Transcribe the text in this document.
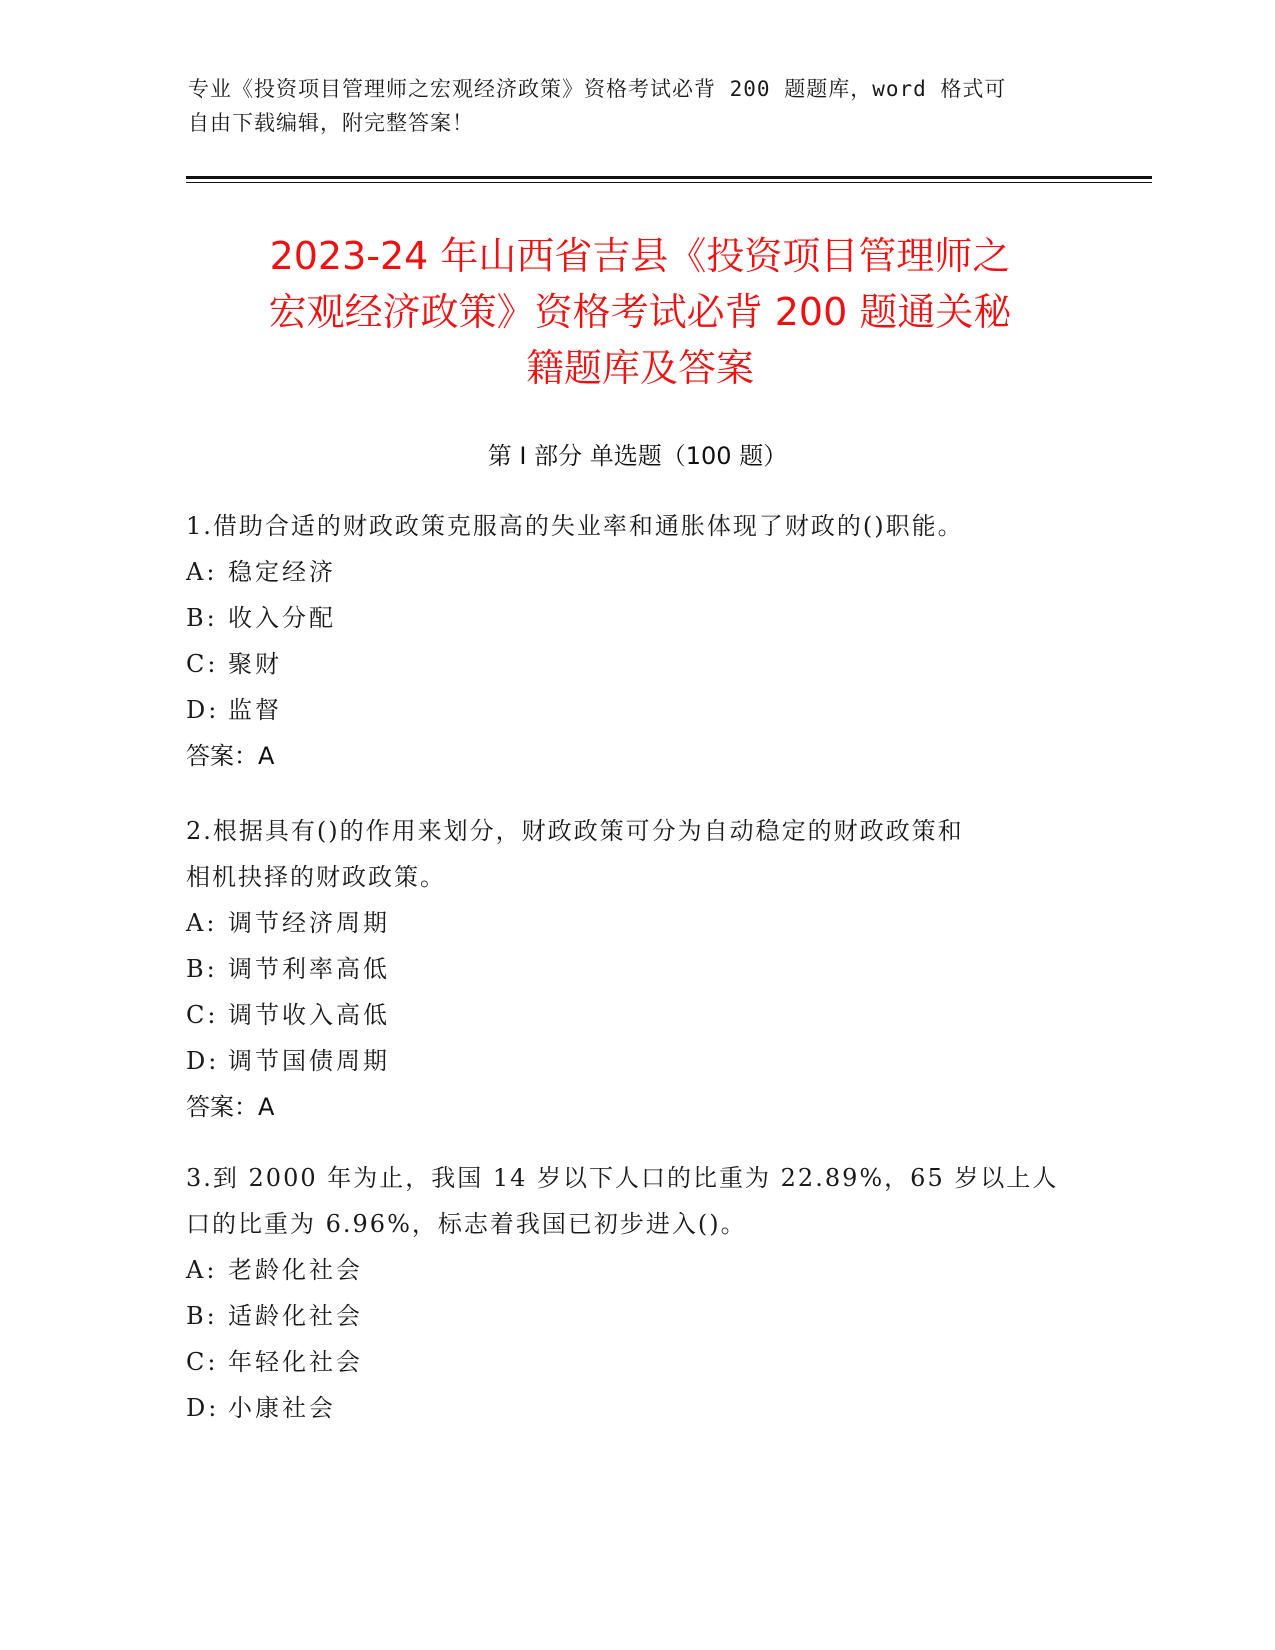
专业《投资项目管理师之宏观经济政策》资格考试必背 200 题题库，word 格式可
自由下载编辑，附完整答案！
2023-24 年山西省吉县《投资项目管理师之
宏观经济政策》资格考试必背 200 题通关秘
籍题库及答案
第 I 部分 单选题（100 题）
1.借助合适的财政政策克服高的失业率和通胀体现了财政的()职能。
A: 稳定经济
B: 收入分配
C: 聚财
D: 监督
答案：A
2.根据具有()的作用来划分，财政政策可分为自动稳定的财政政策和
相机抉择的财政政策。
A: 调节经济周期
B: 调节利率高低
C: 调节收入高低
D: 调节国债周期
答案：A
3.到 2000 年为止，我国 14 岁以下人口的比重为 22.89%，65 岁以上人
口的比重为 6.96%，标志着我国已初步进入()。
A: 老龄化社会
B: 适龄化社会
C: 年轻化社会
D: 小康社会
